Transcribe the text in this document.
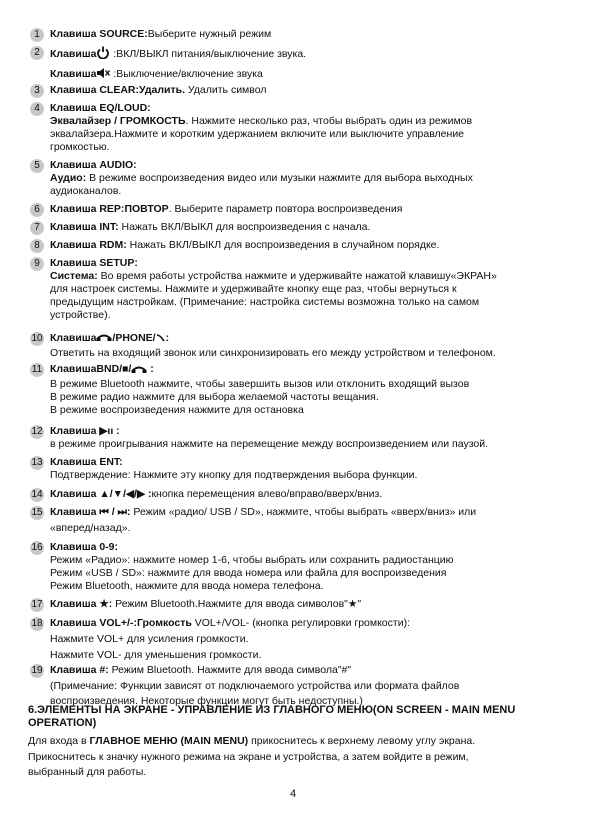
1 Клавиша SOURCE:Выберите нужный режим
2 Клавиша :ВКЛ/ВЫКЛ питания/выключение звука.
Клавиша :Выключение/включение звука
3 Клавиша CLEAR:Удалить. Удалить символ
4 Клавиша EQ/LOUD:
Эквалайзер / ГРОМКОСТЬ. Нажмите несколько раз, чтобы выбрать один из режимов
эквалайзера.Нажмите и коротким удержанием включите или выключите управление
громкостью.
5 Клавиша AUDIO:
Аудио: В режиме воспроизведения видео или музыки нажмите для выбора выходных
аудиоканалов.
6 Клавиша REP:ПОВТОР. Выберите параметр повтора воспроизведения
7 Клавиша INT: Нажать ВКЛ/ВЫКЛ для воспроизведения с начала.
8 Клавиша RDM: Нажать ВКЛ/ВЫКЛ для воспроизведения в случайном порядке.
9 Клавиша SETUP:
Система: Во время работы устройства нажмите и удерживайте нажатой клавишу«ЭКРАН»
для настроек системы. Нажмите и удерживайте кнопку еще раз, чтобы вернуться к
предыдущим настройкам. (Примечание: настройка системы возможна только на самом
устройстве).
10 Клавиша /PHONE/ :
Ответить на входящий звонок или синхронизировать его между устройством и телефоном.
11 КлавишаBND/■/ :
В режиме Bluetooth нажмите, чтобы завершить вызов или отклонить входящий вызов
В режиме радио нажмите для выбора желаемой частоты вещания.
В режиме воспроизведения нажмите для остановка
12 Клавиша ▶ıı :
в режиме проигрывания нажмите на перемещение между воспроизведением или паузой.
13 Клавиша ENT:
Подтверждение: Нажмите эту кнопку для подтверждения выбора функции.
14 Клавиша ▲/▼/◀/▶ :кнопка перемещения влево/вправо/вверх/вниз.
15 Клавиша ⏮ / ⏭: Режим «радио/ USB / SD», нажмите, чтобы выбрать «вверх/вниз» или
«вперед/назад».
16 Клавиша 0-9:
Режим «Радио»: нажмите номер 1-6, чтобы выбрать или сохранить радиостанцию
Режим «USB / SD»: нажмите для ввода номера или файла для воспроизведения
Режим Bluetooth, нажмите для ввода номера телефона.
17 Клавиша ★: Режим Bluetooth.Нажмите для ввода символов"★"
18 Клавиша VOL+/-:Громкость VOL+/VOL- (кнопка регулировки громкости):
Нажмите VOL+ для усиления громкости.
Нажмите VOL- для уменьшения громкости.
19 Клавиша #: Режим Bluetooth. Нажмите для ввода символа"#"
(Примечание: Функции зависят от подключаемого устройства или формата файлов
воспроизведения. Некоторые функции могут быть недоступны.)
6.ЭЛЕМЕНТЫ НА ЭКРАНЕ - УПРАВЛЕНИЕ ИЗ ГЛАВНОГО МЕНЮ(ON SCREEN - MAIN MENU
OPERATION)
Для входа в ГЛАВНОЕ МЕНЮ (MAIN MENU) прикоснитесь к верхнему левому углу экрана.
Прикоснитесь к значку нужного режима на экране и устройства, а затем войдите в режим,
выбранный для работы.
4
